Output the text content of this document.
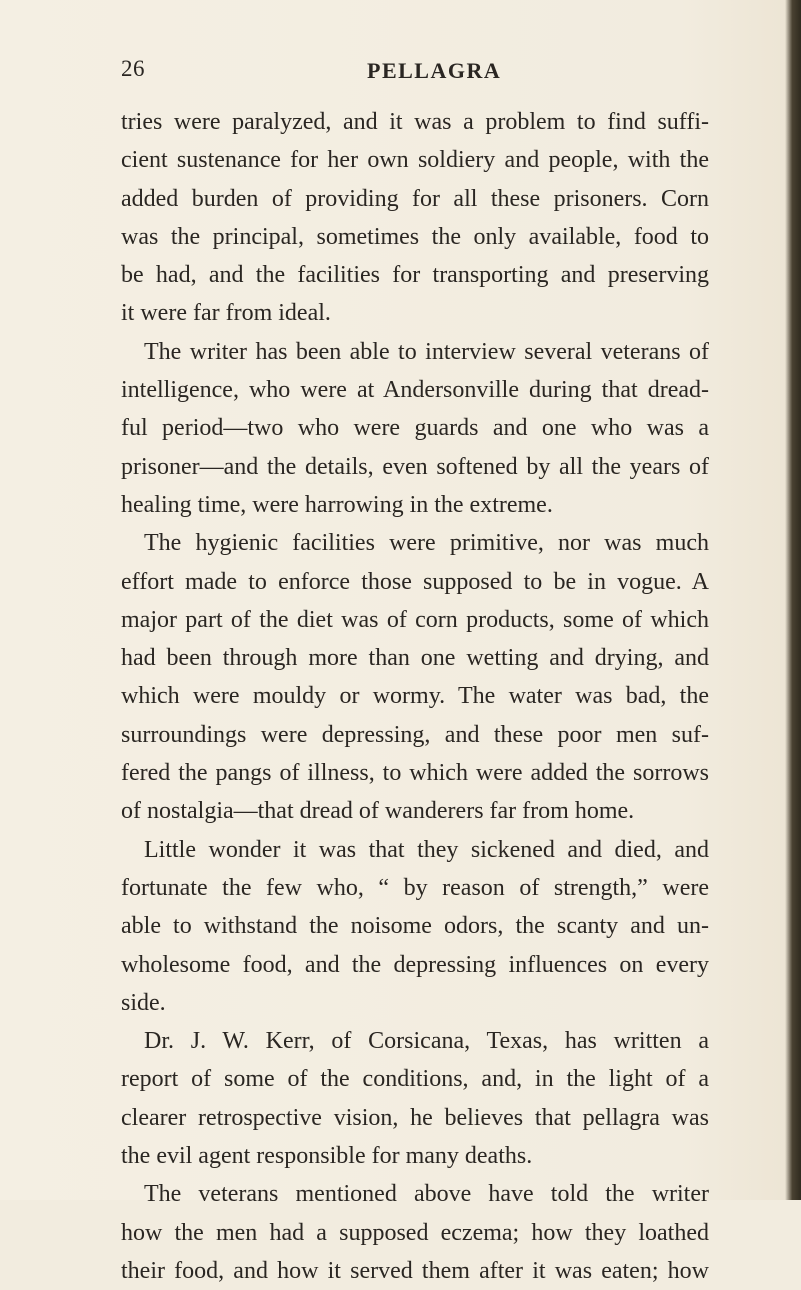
26	PELLAGRA
tries were paralyzed, and it was a problem to find suffi-
cient sustenance for her own soldiery and people, with the
added burden of providing for all these prisoners. Corn
was the principal, sometimes the only available, food to
be had, and the facilities for transporting and preserving
it were far from ideal.
The writer has been able to interview several veterans of
intelligence, who were at Andersonville during that dread-
ful period—two who were guards and one who was a
prisoner—and the details, even softened by all the years of
healing time, were harrowing in the extreme.
The hygienic facilities were primitive, nor was much
effort made to enforce those supposed to be in vogue. A
major part of the diet was of corn products, some of which
had been through more than one wetting and drying, and
which were mouldy or wormy. The water was bad, the
surroundings were depressing, and these poor men suf-
fered the pangs of illness, to which were added the sorrows
of nostalgia—that dread of wanderers far from home.
Little wonder it was that they sickened and died, and
fortunate the few who, “ by reason of strength,” were
able to withstand the noisome odors, the scanty and un-
wholesome food, and the depressing influences on every
side.
Dr. J. W. Kerr, of Corsicana, Texas, has written a
report of some of the conditions, and, in the light of a
clearer retrospective vision, he believes that pellagra was
the evil agent responsible for many deaths.
The veterans mentioned above have told the writer
how the men had a supposed eczema; how they loathed
their food, and how it served them after it was eaten; how
